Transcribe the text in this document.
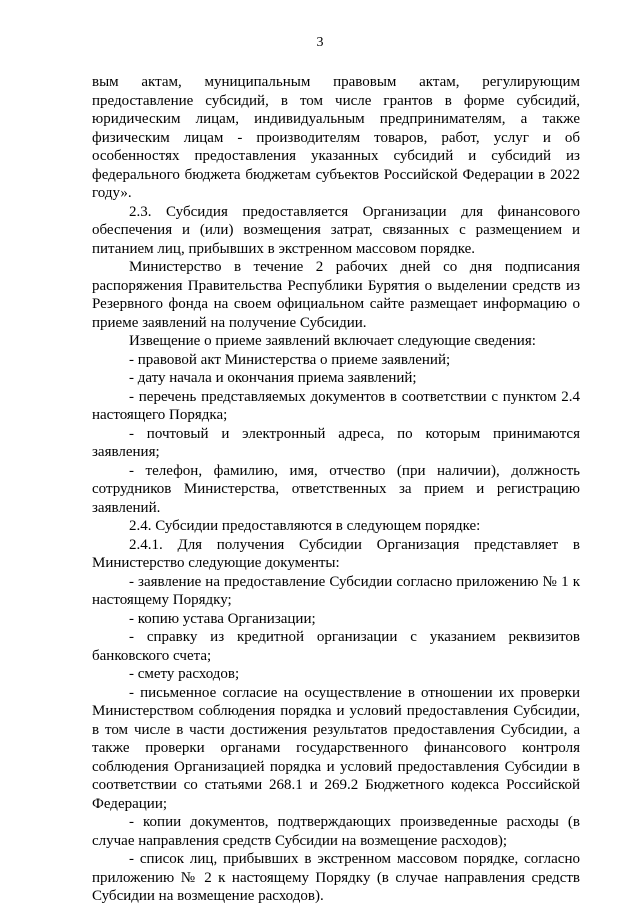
3

вым актам, муниципальным правовым актам, регулирующим предоставление субсидий, в том числе грантов в форме субсидий, юридическим лицам, индивидуальным предпринимателям, а также физическим лицам - производителям товаров, работ, услуг и об особенностях предоставления указанных субсидий и субсидий из федерального бюджета бюджетам субъектов Российской Федерации в 2022 году».

2.3. Субсидия предоставляется Организации для финансового обеспечения и (или) возмещения затрат, связанных с размещением и питанием лиц, прибывших в экстренном массовом порядке.

Министерство в течение 2 рабочих дней со дня подписания распоряжения Правительства Республики Бурятия о выделении средств из Резервного фонда на своем официальном сайте размещает информацию о приеме заявлений на получение Субсидии.

Извещение о приеме заявлений включает следующие сведения:

- правовой акт Министерства о приеме заявлений;

- дату начала и окончания приема заявлений;

- перечень представляемых документов в соответствии с пунктом 2.4 настоящего Порядка;

- почтовый и электронный адреса, по которым принимаются заявления;

- телефон, фамилию, имя, отчество (при наличии), должность сотрудников Министерства, ответственных за прием и регистрацию заявлений.

2.4. Субсидии предоставляются в следующем порядке:

2.4.1. Для получения Субсидии Организация представляет в Министерство следующие документы:

- заявление на предоставление Субсидии согласно приложению № 1 к настоящему Порядку;

- копию устава Организации;

- справку из кредитной организации с указанием реквизитов банковского счета;

- смету расходов;

- письменное согласие на осуществление в отношении их проверки Министерством соблюдения порядка и условий предоставления Субсидии, в том числе в части достижения результатов предоставления Субсидии, а также проверки органами государственного финансового контроля соблюдения Организацией порядка и условий предоставления Субсидии в соответствии со статьями 268.1 и 269.2 Бюджетного кодекса Российской Федерации;

- копии документов, подтверждающих произведенные расходы (в случае направления средств Субсидии на возмещение расходов);

- список лиц, прибывших в экстренном массовом порядке, согласно приложению № 2 к настоящему Порядку (в случае направления средств Субсидии на возмещение расходов).
